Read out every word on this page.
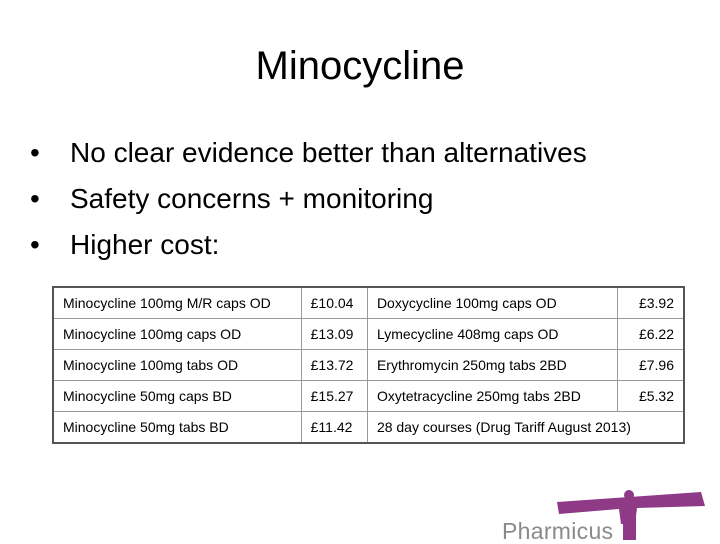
Minocycline
• No clear evidence better than alternatives
• Safety concerns + monitoring
• Higher cost:
Minocycline 100mg M/R caps OD	£10.04	Doxycycline 100mg caps OD	£3.92
Minocycline 100mg caps OD	£13.09	Lymecycline 408mg caps OD	£6.22
Minocycline 100mg tabs OD	£13.72	Erythromycin 250mg tabs 2BD	£7.96
Minocycline 50mg caps BD	£15.27	Oxytetracycline 250mg tabs 2BD	£5.32
Minocycline 50mg tabs BD	£11.42	28 day courses (Drug Tariff August 2013)	
Pharmicus
